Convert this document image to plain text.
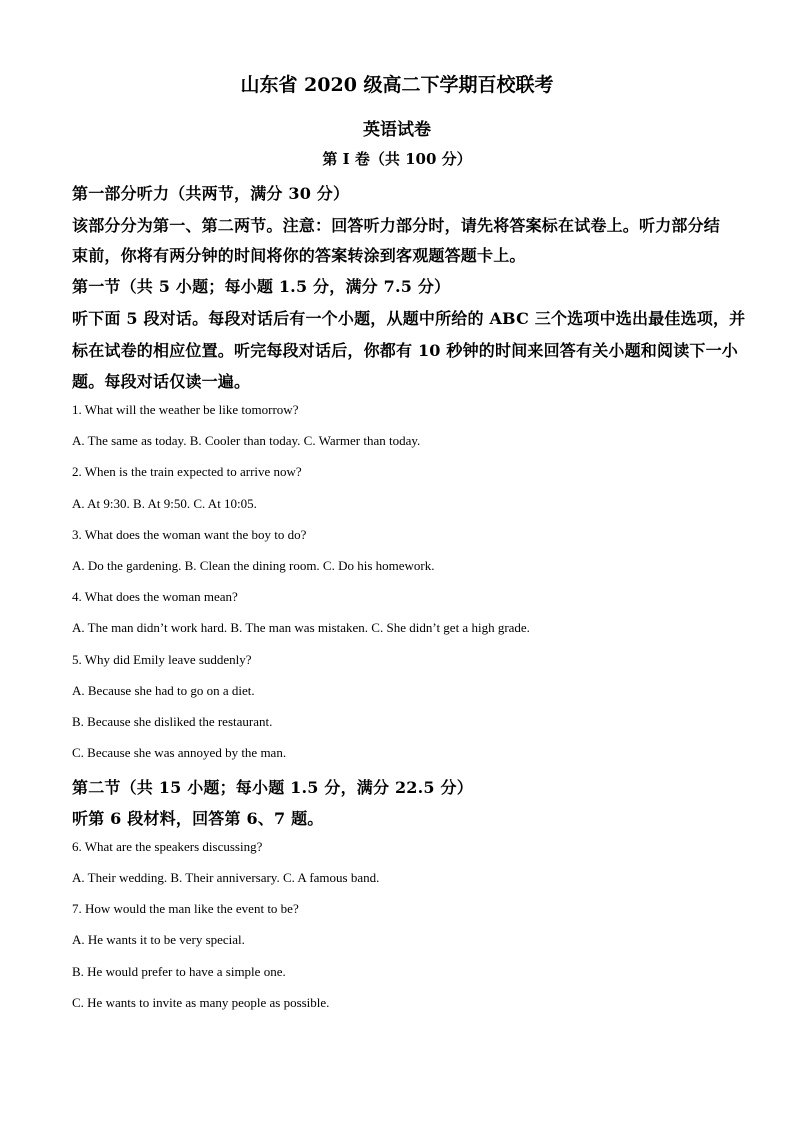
山东省 2020 级高二下学期百校联考
英语试卷
第 I 卷（共 100 分）
第一部分听力（共两节，满分 30 分）
该部分分为第一、第二两节。注意：回答听力部分时，请先将答案标在试卷上。听力部分结
束前，你将有两分钟的时间将你的答案转涂到客观题答题卡上。
第一节（共 5 小题；每小题 1.5 分，满分 7.5 分）
听下面 5 段对话。每段对话后有一个小题，从题中所给的 ABC 三个选项中选出最佳选项，并
标在试卷的相应位置。听完每段对话后，你都有 10 秒钟的时间来回答有关小题和阅读下一小
题。每段对话仅读一遍。
1. What will the weather be like tomorrow?
A. The same as today. B. Cooler than today. C. Warmer than today.
2. When is the train expected to arrive now?
A. At 9:30. B. At 9:50. C. At 10:05.
3. What does the woman want the boy to do?
A. Do the gardening. B. Clean the dining room. C. Do his homework.
4. What does the woman mean?
A. The man didn’t work hard. B. The man was mistaken. C. She didn’t get a high grade.
5. Why did Emily leave suddenly?
A. Because she had to go on a diet.
B. Because she disliked the restaurant.
C. Because she was annoyed by the man.
第二节（共 15 小题；每小题 1.5 分，满分 22.5 分）
听第 6 段材料，回答第 6、7 题。
6. What are the speakers discussing?
A. Their wedding. B. Their anniversary. C. A famous band.
7. How would the man like the event to be?
A. He wants it to be very special.
B. He would prefer to have a simple one.
C. He wants to invite as many people as possible.
